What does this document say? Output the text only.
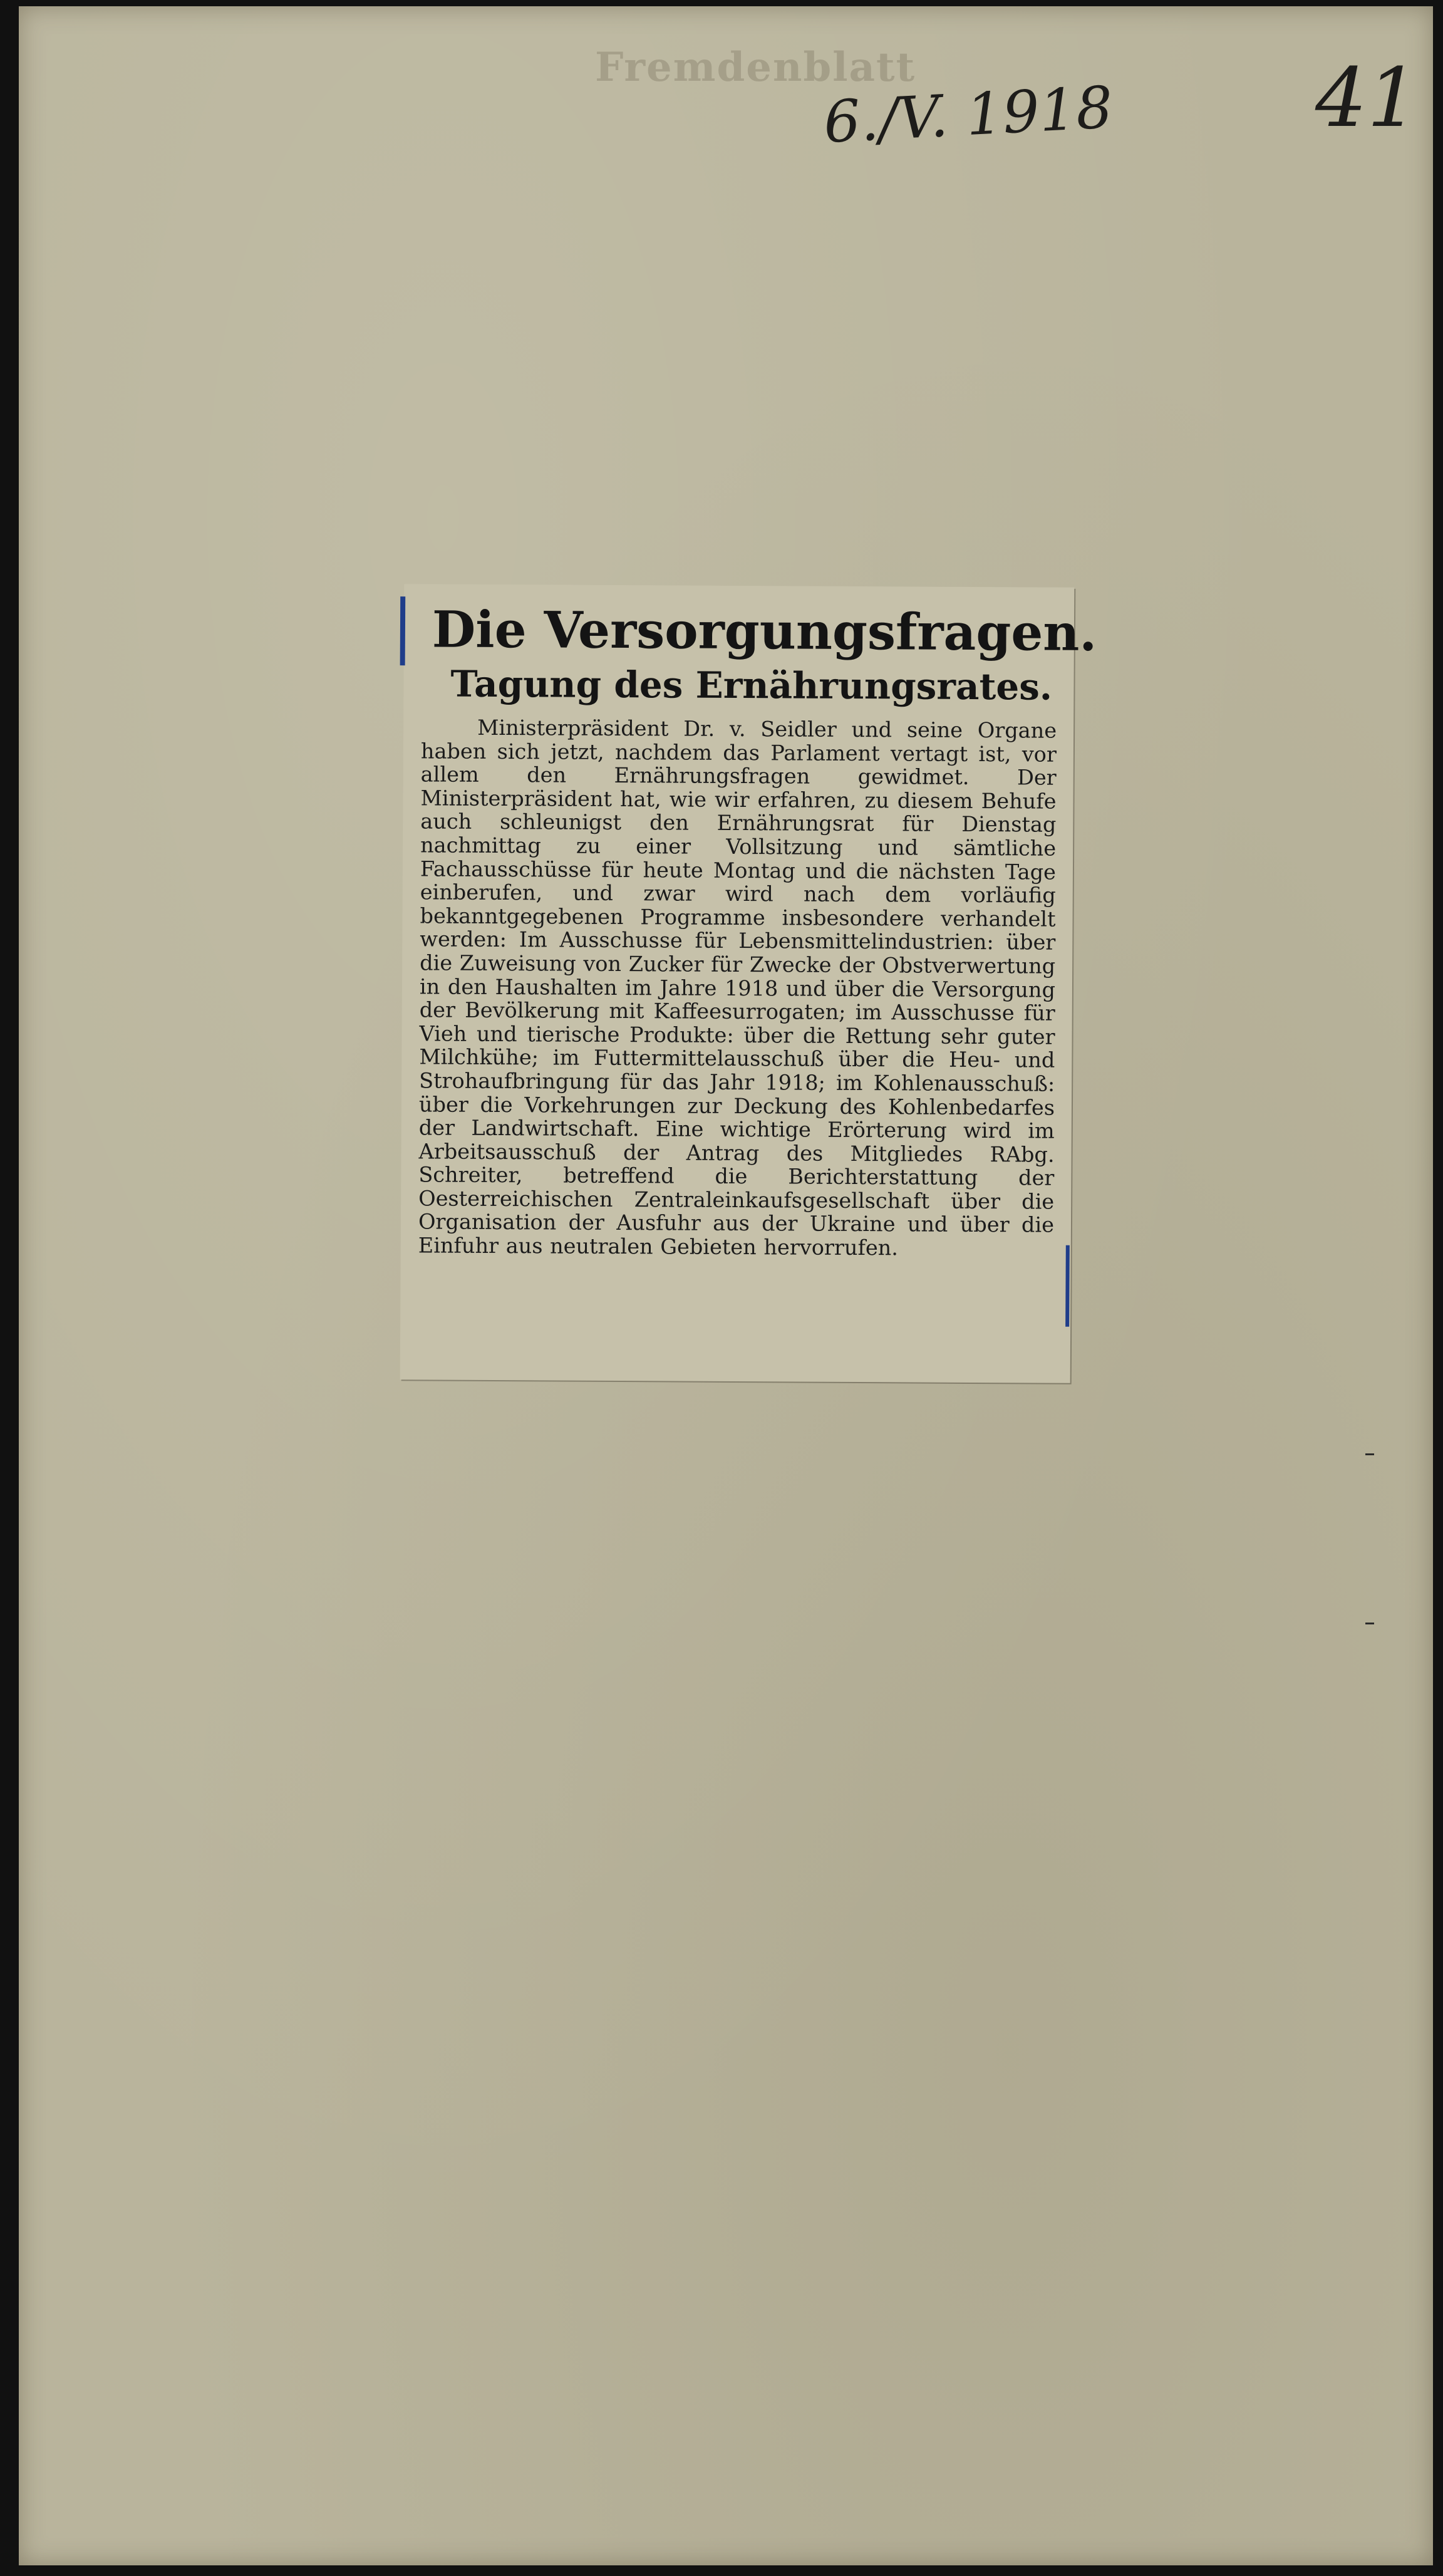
Fremdenblatt
6./V. 1918 41
Die Versorgungsfragen.
Tagung des Ernährungsrates.
Ministerpräsident Dr. v. Seidler und seine Organe haben sich jetzt, nachdem das Parlament vertagt ist, vor allem den Ernährungsfragen gewidmet. Der Ministerpräsident hat, wie wir erfahren, zu diesem Behufe auch schleunigst den Ernährungsrat für Dienstag nachmittag zu einer Vollsitzung und sämtliche Fachausschüsse für heute Montag und die nächsten Tage einberufen, und zwar wird nach dem vorläufig bekanntgegebenen Programme insbesondere verhandelt werden: Im Ausschusse für Lebensmittelindustrien: über die Zuweisung von Zucker für Zwecke der Obstverwertung in den Haushalten im Jahre 1918 und über die Versorgung der Bevölkerung mit Kaffeesurrogaten; im Ausschusse für Vieh und tierische Produkte: über die Rettung sehr guter Milchkühe; im Futtermittelausschuß über die Heu- und Strohaufbringung für das Jahr 1918; im Kohlenausschuß: über die Vorkehrungen zur Deckung des Kohlenbedarfes der Landwirtschaft. Eine wichtige Erörterung wird im Arbeitsausschuß der Antrag des Mitgliedes RAbg. Schreiter, betreffend die Berichterstattung der Oesterreichischen Zentraleinkaufsgesellschaft über die Organisation der Ausfuhr aus der Ukraine und über die Einfuhr aus neutralen Gebieten hervorrufen.
